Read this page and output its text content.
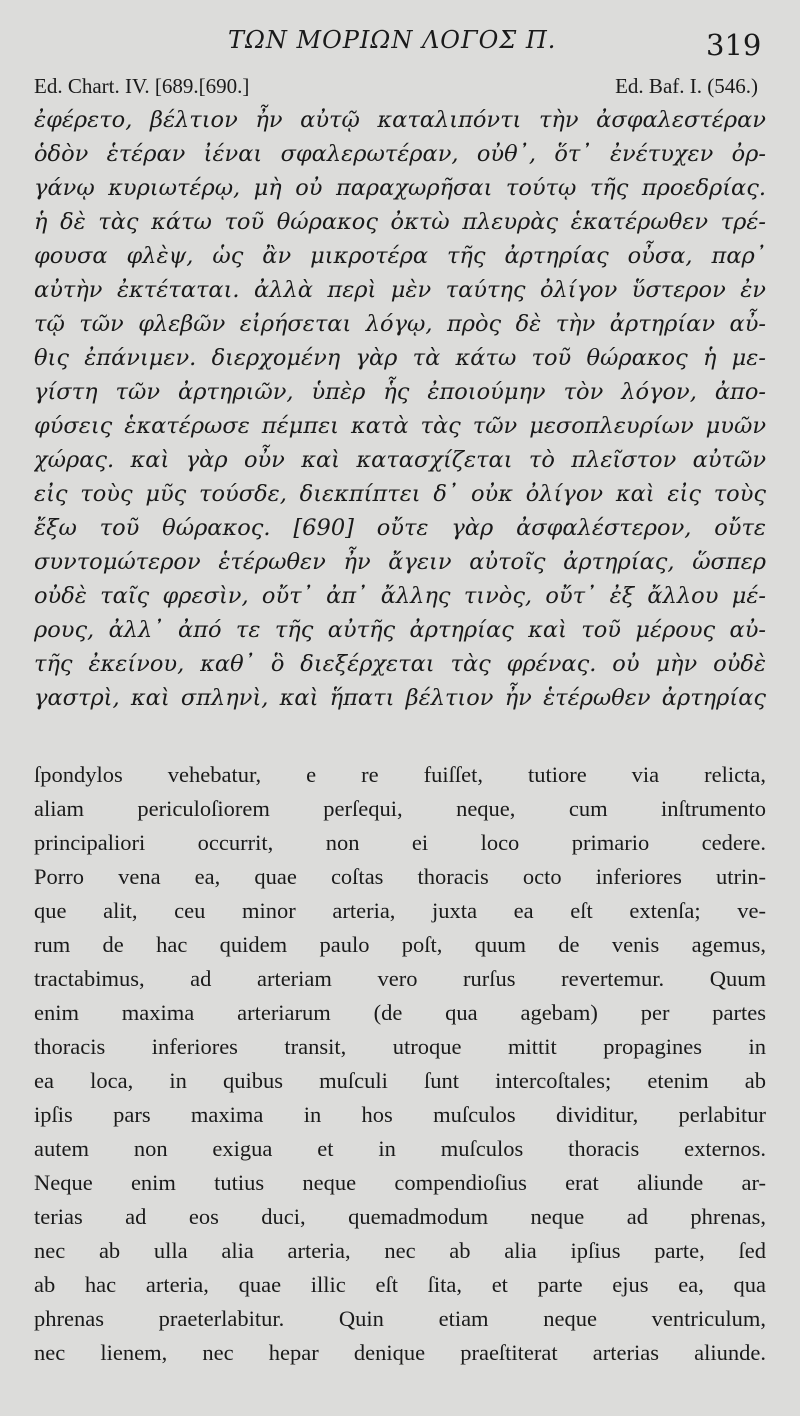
ΤΩΝ ΜΟΡΙΩΝ ΛΟΓΟΣ Π.	319
Ed. Chart. IV. [689.[690.]	Ed. Baf. I. (546.)
ἐφέρετο, βέλτιον ἦν αὐτῷ καταλιπόντι τὴν ἀσφαλεστέραν
ὁδὸν ἑτέραν ἰέναι σφαλερωτέραν, οὐθ᾽, ὅτ᾽ ἐνέτυχεν ὀρ-
γάνῳ κυριωτέρῳ, μὴ οὐ παραχωρῆσαι τούτῳ τῆς προεδρίας.
ἡ δὲ τὰς κάτω τοῦ θώρακος ὀκτὼ πλευρὰς ἑκατέρωθεν τρέ-
φουσα φλὲψ, ὡς ἂν μικροτέρα τῆς ἀρτηρίας οὖσα, παρ᾽
αὐτὴν ἐκτέταται. ἀλλὰ περὶ μὲν ταύτης ὀλίγον ὕστερον ἐν
τῷ τῶν φλεβῶν εἰρήσεται λόγῳ, πρὸς δὲ τὴν ἀρτηρίαν αὖ-
θις ἐπάνιμεν. διερχομένη γὰρ τὰ κάτω τοῦ θώρακος ἡ με-
γίστη τῶν ἀρτηριῶν, ὑπὲρ ἧς ἐποιούμην τὸν λόγον, ἀπο-
φύσεις ἑκατέρωσε πέμπει κατὰ τὰς τῶν μεσοπλευρίων μυῶν
χώρας. καὶ γὰρ οὖν καὶ κατασχίζεται τὸ πλεῖστον αὐτῶν
εἰς τοὺς μῦς τούσδε, διεκπίπτει δ᾽ οὐκ ὀλίγον καὶ εἰς τοὺς
ἔξω τοῦ θώρακος. [690] οὔτε γὰρ ἀσφαλέστερον, οὔτε
συντομώτερον ἑτέρωθεν ἦν ἄγειν αὐτοῖς ἀρτηρίας, ὥσπερ
οὐδὲ ταῖς φρεσὶν, οὔτ᾽ ἀπ᾽ ἄλλης τινὸς, οὔτ᾽ ἐξ ἄλλου μέ-
ρους, ἀλλ᾽ ἀπό τε τῆς αὐτῆς ἀρτηρίας καὶ τοῦ μέρους αὐ-
τῆς ἐκείνου, καθ᾽ ὃ διεξέρχεται τὰς φρένας. οὐ μὴν οὐδὲ
γαστρὶ, καὶ σπληνὶ, καὶ ἥπατι βέλτιον ἦν ἑτέρωθεν ἀρτηρίας
ſpondylos vehebatur, e re fuiſſet, tutiore via relicta,
aliam periculoſiorem perſequi, neque, cum inſtrumento
principaliori occurrit, non ei loco primario cedere.
Porro vena ea, quae coſtas thoracis octo inferiores utrin-
que alit, ceu minor arteria, juxta ea eſt extenſa; ve-
rum de hac quidem paulo poſt, quum de venis agemus,
tractabimus, ad arteriam vero rurſus revertemur. Quum
enim maxima arteriarum (de qua agebam) per partes
thoracis inferiores transit, utroque mittit propagines in
ea loca, in quibus muſculi ſunt intercoſtales; etenim ab
ipſis pars maxima in hos muſculos dividitur, perlabitur
autem non exigua et in muſculos thoracis externos.
Neque enim tutius neque compendioſius erat aliunde ar-
terias ad eos duci, quemadmodum neque ad phrenas,
nec ab ulla alia arteria, nec ab alia ipſius parte, ſed
ab hac arteria, quae illic eſt ſita, et parte ejus ea, qua
phrenas praeterlabitur. Quin etiam neque ventriculum,
nec lienem, nec hepar denique praeſtiterat arterias aliunde.
